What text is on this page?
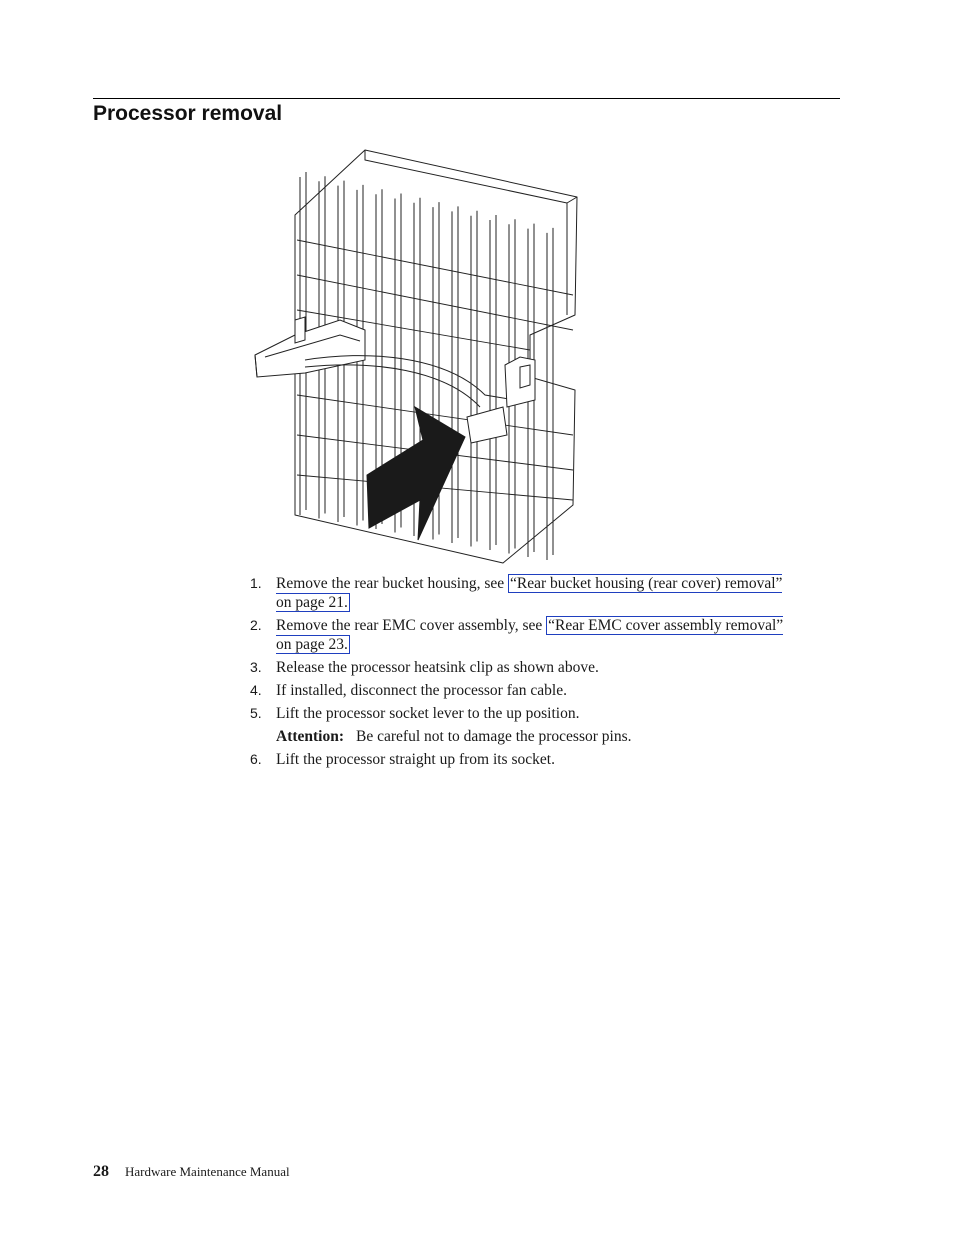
Processor removal
1. Remove the rear bucket housing, see “Rear bucket housing (rear cover) removal” on page 21.
2. Remove the rear EMC cover assembly, see “Rear EMC cover assembly removal” on page 23.
3. Release the processor heatsink clip as shown above.
4. If installed, disconnect the processor fan cable.
5. Lift the processor socket lever to the up position.
Attention: Be careful not to damage the processor pins.
6. Lift the processor straight up from its socket.
28 Hardware Maintenance Manual
